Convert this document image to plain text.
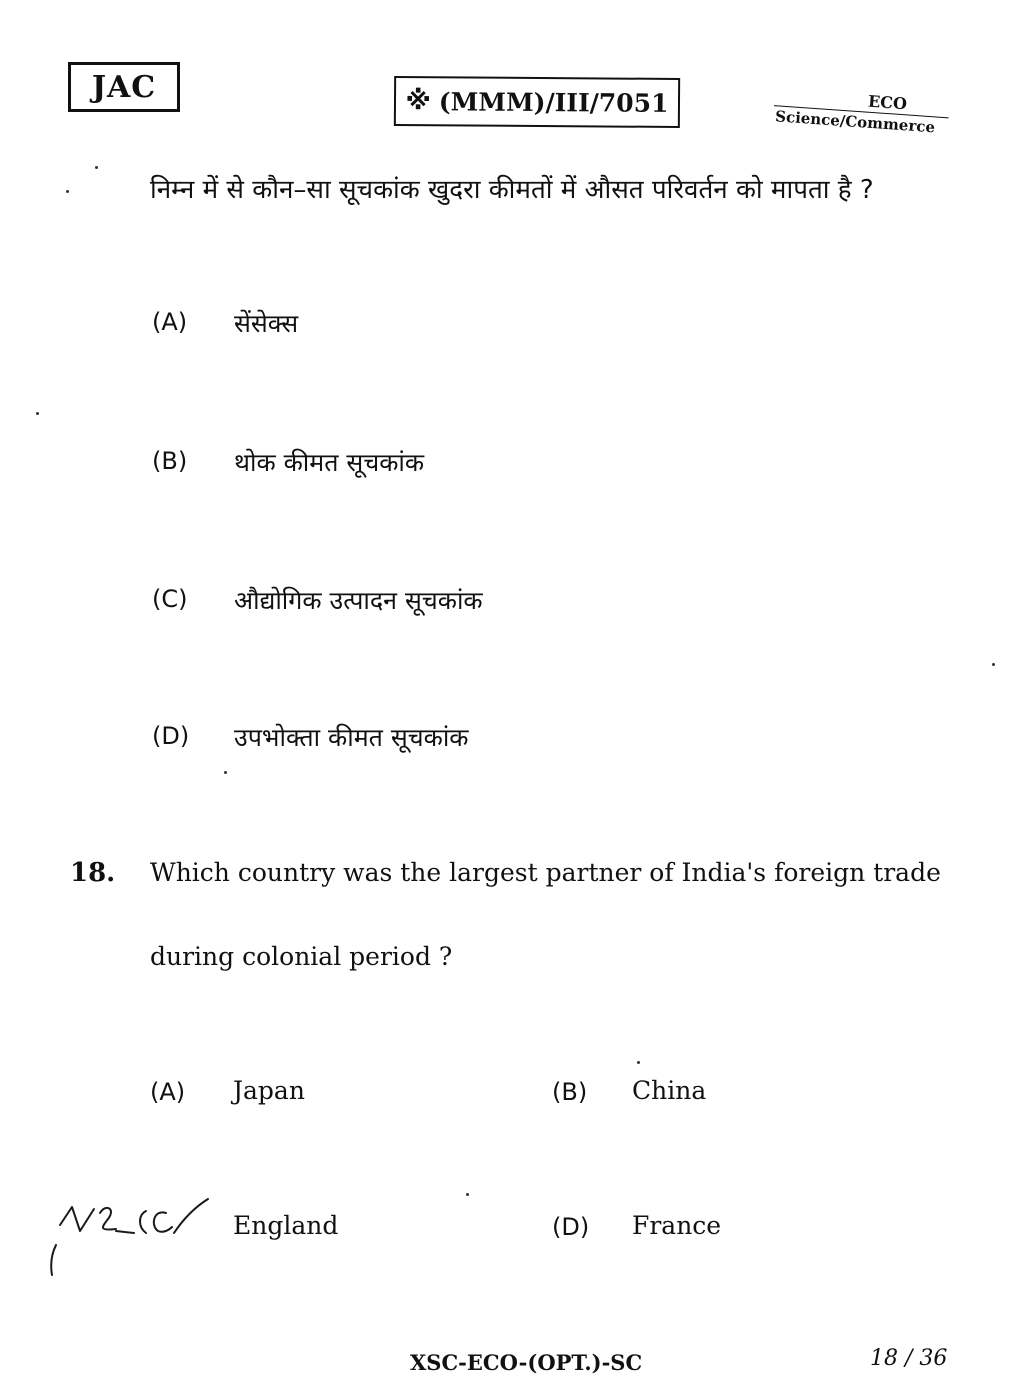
JAC	※ (MMM)/III/7051	ECO
Science/Commerce
निम्न में से कौन–सा सूचकांक खुदरा कीमतों में औसत परिवर्तन को मापता है ?
(A) सेंसेक्स
(B) थोक कीमत सूचकांक
(C) औद्योगिक उत्पादन सूचकांक
(D) उपभोक्ता कीमत सूचकांक
18. Which country was the largest partner of India's foreign trade
during colonial period ?
(A) Japan	(B) China
England	(D) France
XSC-ECO-(OPT.)-SC	18 / 36
